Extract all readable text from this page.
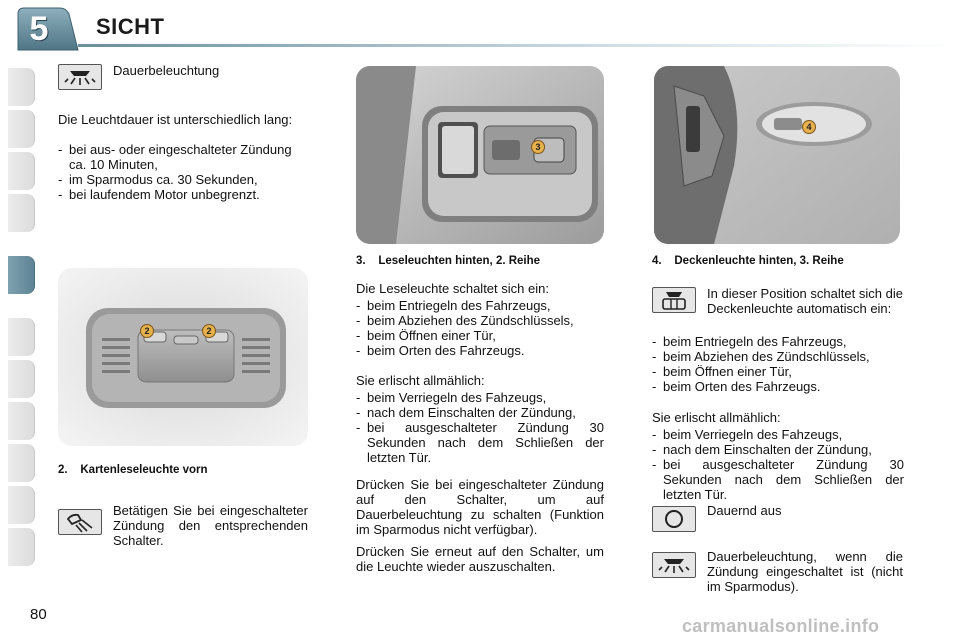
5 SICHT
Dauerbeleuchtung

Die Leuchtdauer ist unterschiedlich lang:

- bei aus- oder eingeschalteter Zündung ca. 10 Minuten,
- im Sparmodus ca. 30 Sekunden,
- bei laufendem Motor unbegrenzt.
2	2
2.    Kartenleseleuchte vorn

Betätigen Sie bei eingeschalteter Zündung den entsprechenden Schalter.

3
3.    Leseleuchten hinten, 2. Reihe

Die Leseleuchte schaltet sich ein:

- beim Entriegeln des Fahrzeugs,
- beim Abziehen des Zündschlüssels,
- beim Öffnen einer Tür,
- beim Orten des Fahrzeugs.

Sie erlischt allmählich:

- beim Verriegeln des Fahzeugs,
- nach dem Einschalten der Zündung,
- bei ausgeschalteter Zündung 30 Sekunden nach dem Schließen der letzten Tür.

Drücken Sie bei eingeschalteter Zündung auf den Schalter, um auf Dauerbeleuchtung zu schalten (Funktion im Sparmodus nicht verfügbar).

Drücken Sie erneut auf den Schalter, um die Leuchte wieder auszuschalten.

4
4.    Deckenleuchte hinten, 3. Reihe

In dieser Position schaltet sich die Deckenleuchte automatisch ein:

- beim Entriegeln des Fahrzeugs,
- beim Abziehen des Zündschlüssels,
- beim Öffnen einer Tür,
- beim Orten des Fahrzeugs.

Sie erlischt allmählich:

- beim Verriegeln des Fahzeugs,
- nach dem Einschalten der Zündung,
- bei ausgeschalteter Zündung 30 Sekunden nach dem Schließen der letzten Tür.
Dauernd aus

Dauerbeleuchtung, wenn die Zündung eingeschaltet ist (nicht im Sparmodus).

80
carmanualsonline.info
